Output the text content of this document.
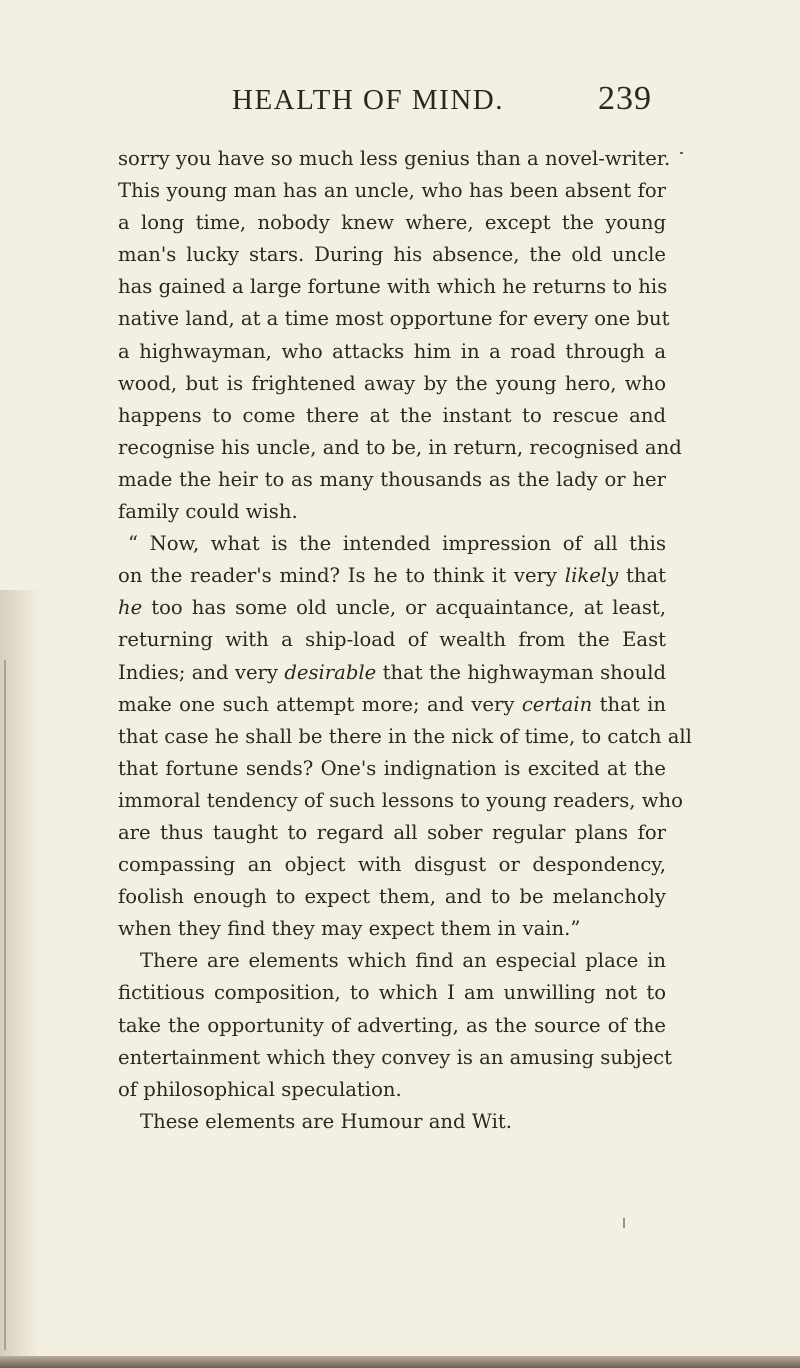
HEALTH OF MIND.	239
sorry you have so much less genius than a novel-writer.
This young man has an uncle, who has been absent for
a long time, nobody knew where, except the young
man's lucky stars. During his absence, the old uncle
has gained a large fortune with which he returns to his
native land, at a time most opportune for every one but
a highwayman, who attacks him in a road through a
wood, but is frightened away by the young hero, who
happens to come there at the instant to rescue and
recognise his uncle, and to be, in return, recognised and
made the heir to as many thousands as the lady or her
family could wish.
“ Now, what is the intended impression of all this
on the reader's mind? Is he to think it very likely that
he too has some old uncle, or acquaintance, at least,
returning with a ship-load of wealth from the East
Indies; and very desirable that the highwayman should
make one such attempt more; and very certain that in
that case he shall be there in the nick of time, to catch all
that fortune sends? One's indignation is excited at the
immoral tendency of such lessons to young readers, who
are thus taught to regard all sober regular plans for
compassing an object with disgust or despondency,
foolish enough to expect them, and to be melancholy
when they find they may expect them in vain.”
There are elements which find an especial place in
fictitious composition, to which I am unwilling not to
take the opportunity of adverting, as the source of the
entertainment which they convey is an amusing subject
of philosophical speculation.
These elements are Humour and Wit.
